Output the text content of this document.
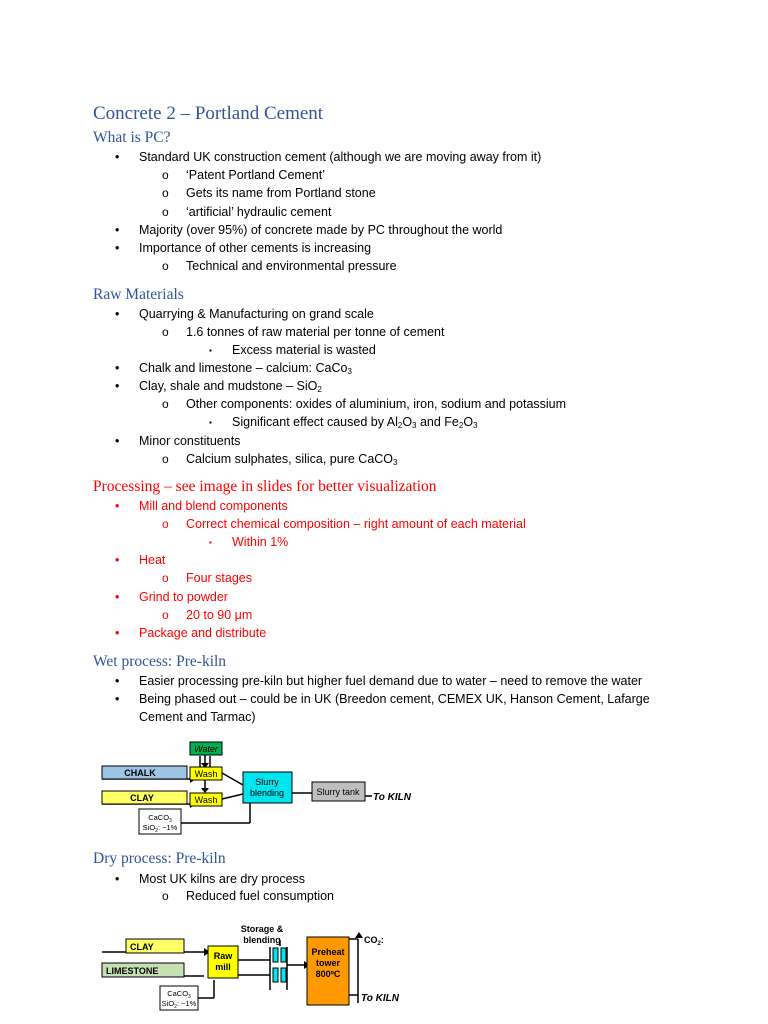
Concrete 2 – Portland Cement
What is PC?
• Standard UK construction cement (although we are moving away from it)
o ‘Patent Portland Cement’
o Gets its name from Portland stone
o ‘artificial’ hydraulic cement
• Majority (over 95%) of concrete made by PC throughout the world
• Importance of other cements is increasing
o Technical and environmental pressure
Raw Materials
• Quarrying & Manufacturing on grand scale
o 1.6 tonnes of raw material per tonne of cement
▪ Excess material is wasted
• Chalk and limestone – calcium: CaCo$_3$
• Clay, shale and mudstone – SiO$_2$
o Other components: oxides of aluminium, iron, sodium and potassium
▪ Significant effect caused by $Al_2O_3$ and $Fe_2O_3$
• Minor constituents
o Calcium sulphates, silica, pure CaCO$_3$
Processing – see image in slides for better visualization
• Mill and blend components
o Correct chemical composition – right amount of each material
▪ Within 1%
• Heat
o Four stages
• Grind to powder
o 20 to 90 μm
• Package and distribute
Wet process: Pre-kiln
• Easier processing pre-kiln but higher fuel demand due to water – need to remove the water
• Being phased out – could be in UK (Breedon cement, CEMEX UK, Hanson Cement, Lafarge
Cement and Tarmac)
Water
CHALK	Wash
CLAY	Wash
Slurry
blending	Slurry tank To KILN
CaCO$_3$
SiO$_2$: ~1%
Dry process: Pre-kiln
• Most UK kilns are dry process
o Reduced fuel consumption
Storage &
blending
CLAY
LIMESTONE
Raw
mill
Preheat
tower
800ºC
$CO_2$:
To KILN
CaCO$_3$
SiO$_2$: ~1%
